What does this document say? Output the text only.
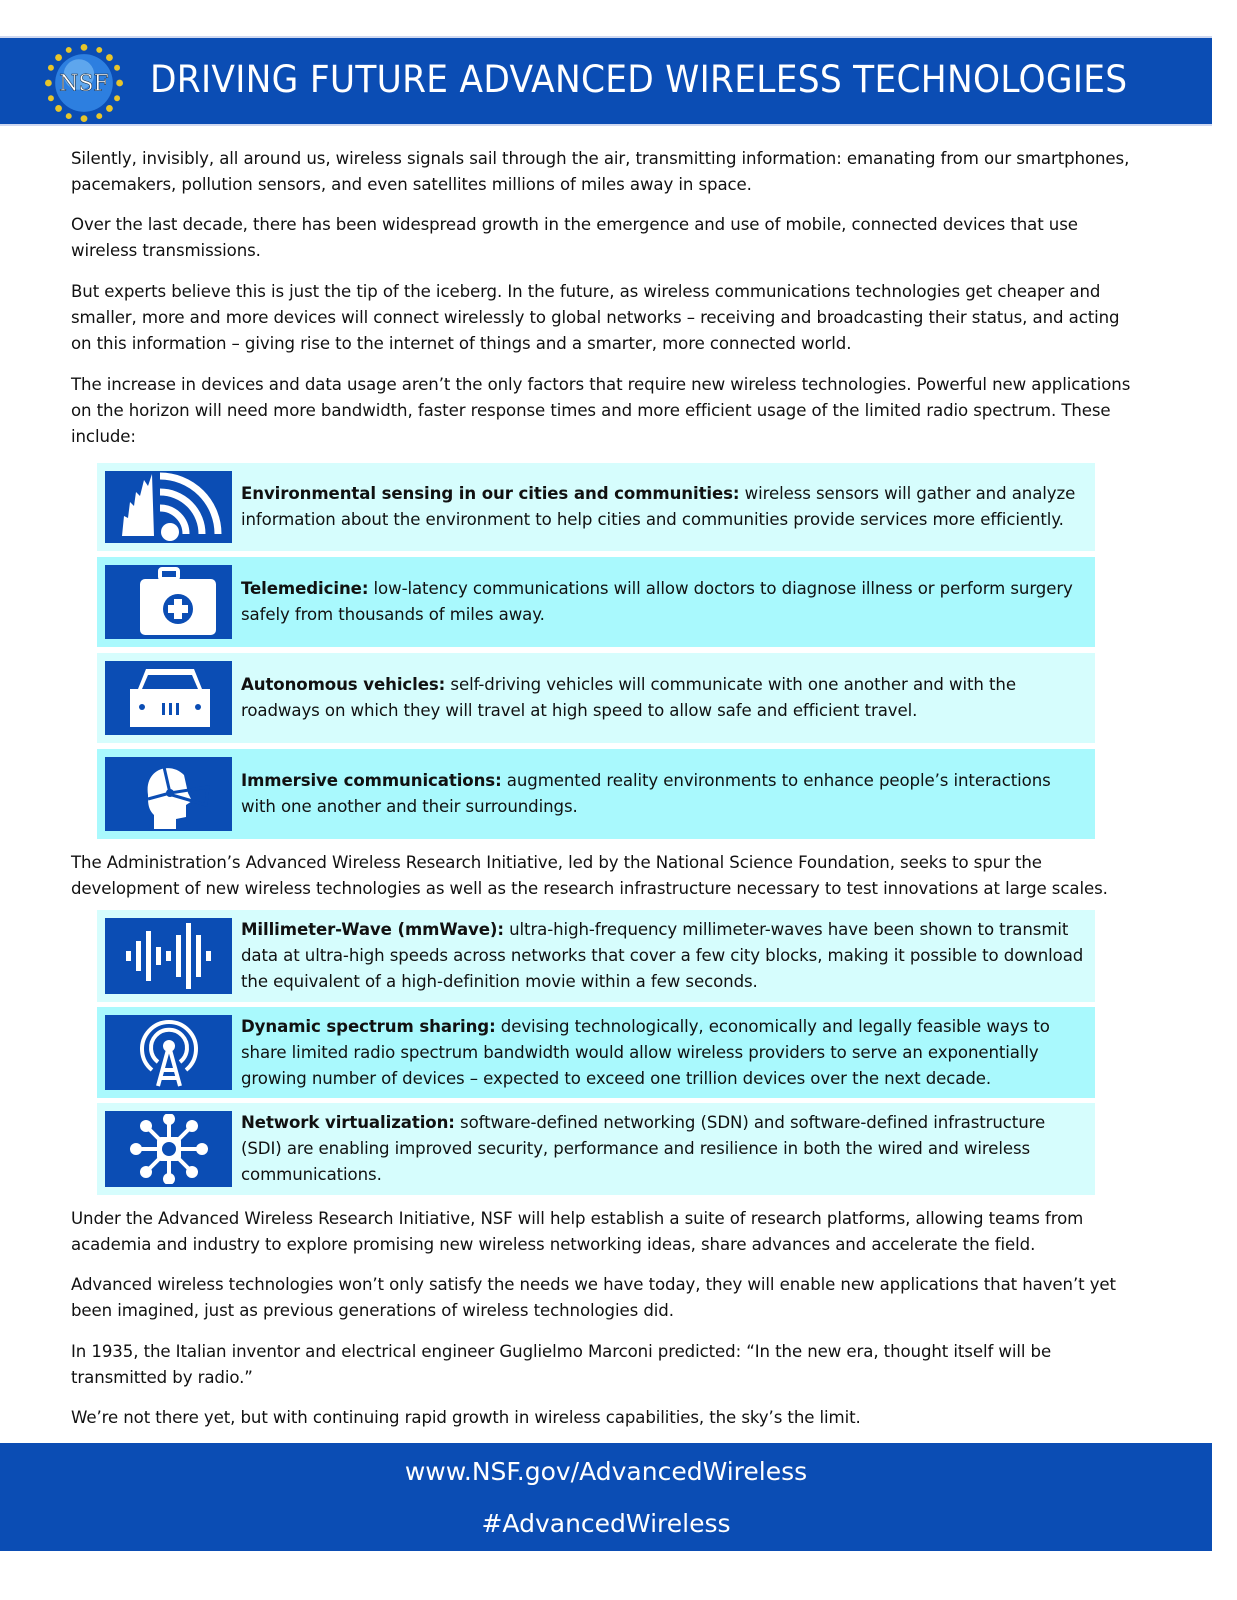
NSF DRIVING FUTURE ADVANCED WIRELESS TECHNOLOGIES
Silently, invisibly, all around us, wireless signals sail through the air, transmitting information: emanating from our smartphones, pacemakers, pollution sensors, and even satellites millions of miles away in space.
Over the last decade, there has been widespread growth in the emergence and use of mobile, connected devices that use wireless transmissions.
But experts believe this is just the tip of the iceberg. In the future, as wireless communications technologies get cheaper and smaller, more and more devices will connect wirelessly to global networks – receiving and broadcasting their status, and acting on this information – giving rise to the internet of things and a smarter, more connected world.
The increase in devices and data usage aren’t the only factors that require new wireless technologies. Powerful new applications on the horizon will need more bandwidth, faster response times and more efficient usage of the limited radio spectrum. These include:
Environmental sensing in our cities and communities: wireless sensors will gather and analyze information about the environment to help cities and communities provide services more efficiently.
Telemedicine: low-latency communications will allow doctors to diagnose illness or perform surgery safely from thousands of miles away.
Autonomous vehicles: self-driving vehicles will communicate with one another and with the roadways on which they will travel at high speed to allow safe and efficient travel.
Immersive communications: augmented reality environments to enhance people’s interactions with one another and their surroundings.
The Administration’s Advanced Wireless Research Initiative, led by the National Science Foundation, seeks to spur the development of new wireless technologies as well as the research infrastructure necessary to test innovations at large scales.
Millimeter-Wave (mmWave): ultra-high-frequency millimeter-waves have been shown to transmit data at ultra-high speeds across networks that cover a few city blocks, making it possible to download the equivalent of a high-definition movie within a few seconds.
Dynamic spectrum sharing: devising technologically, economically and legally feasible ways to share limited radio spectrum bandwidth would allow wireless providers to serve an exponentially growing number of devices – expected to exceed one trillion devices over the next decade.
Network virtualization: software-defined networking (SDN) and software-defined infrastructure (SDI) are enabling improved security, performance and resilience in both the wired and wireless communications.
Under the Advanced Wireless Research Initiative, NSF will help establish a suite of research platforms, allowing teams from academia and industry to explore promising new wireless networking ideas, share advances and accelerate the field.
Advanced wireless technologies won’t only satisfy the needs we have today, they will enable new applications that haven’t yet been imagined, just as previous generations of wireless technologies did.
In 1935, the Italian inventor and electrical engineer Guglielmo Marconi predicted: “In the new era, thought itself will be transmitted by radio.”
We’re not there yet, but with continuing rapid growth in wireless capabilities, the sky’s the limit.
www.NSF.gov/AdvancedWireless
#AdvancedWireless
